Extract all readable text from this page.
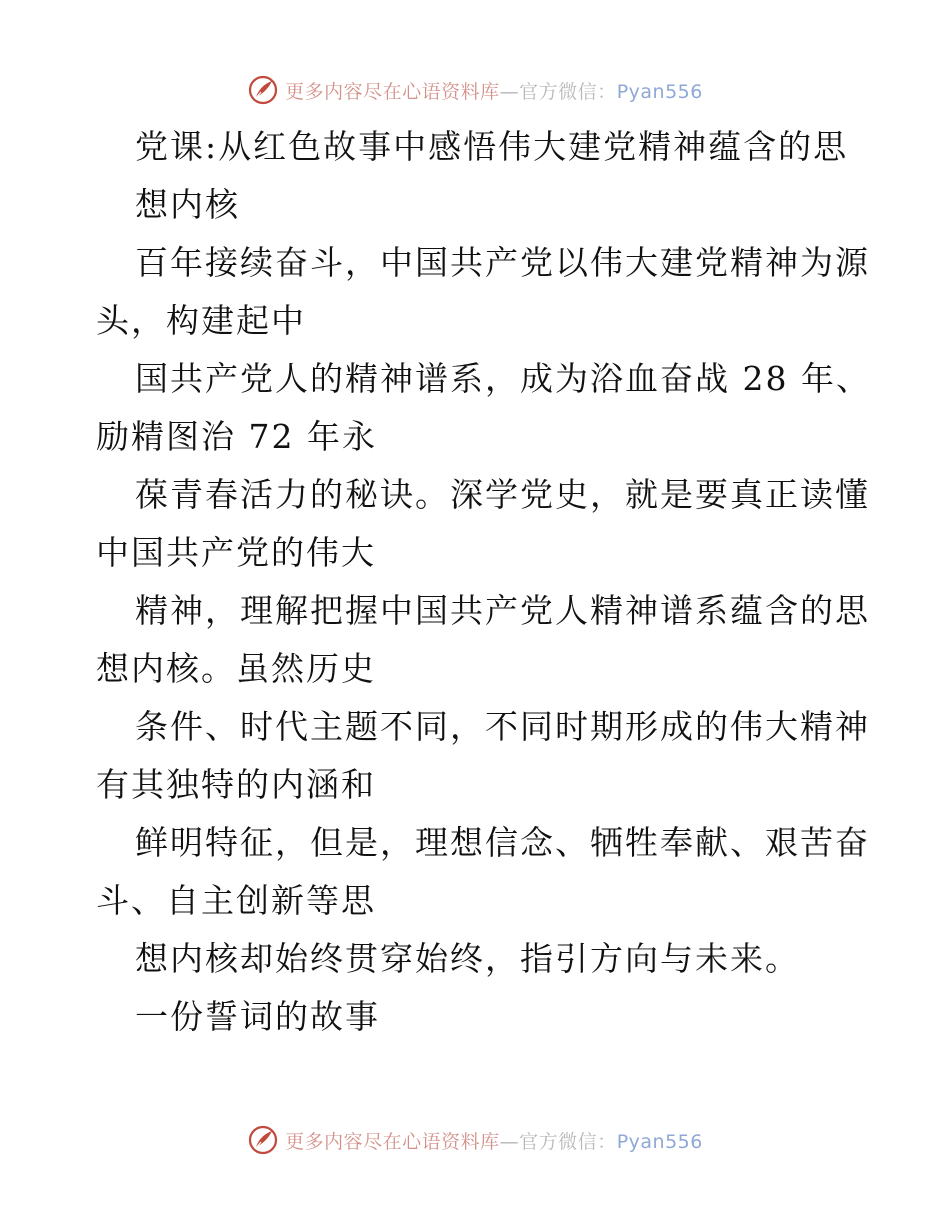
更多内容尽在心语资料库—官方微信：Pyan556
党课:从红色故事中感悟伟大建党精神蕴含的思
想内核
百年接续奋斗，中国共产党以伟大建党精神为源
头，构建起中
国共产党人的精神谱系，成为浴血奋战 28 年、
励精图治 72 年永
葆青春活力的秘诀。深学党史，就是要真正读懂
中国共产党的伟大
精神，理解把握中国共产党人精神谱系蕴含的思
想内核。虽然历史
条件、时代主题不同，不同时期形成的伟大精神
有其独特的内涵和
鲜明特征，但是，理想信念、牺牲奉献、艰苦奋
斗、自主创新等思
想内核却始终贯穿始终，指引方向与未来。
一份誓词的故事
更多内容尽在心语资料库—官方微信：Pyan556
